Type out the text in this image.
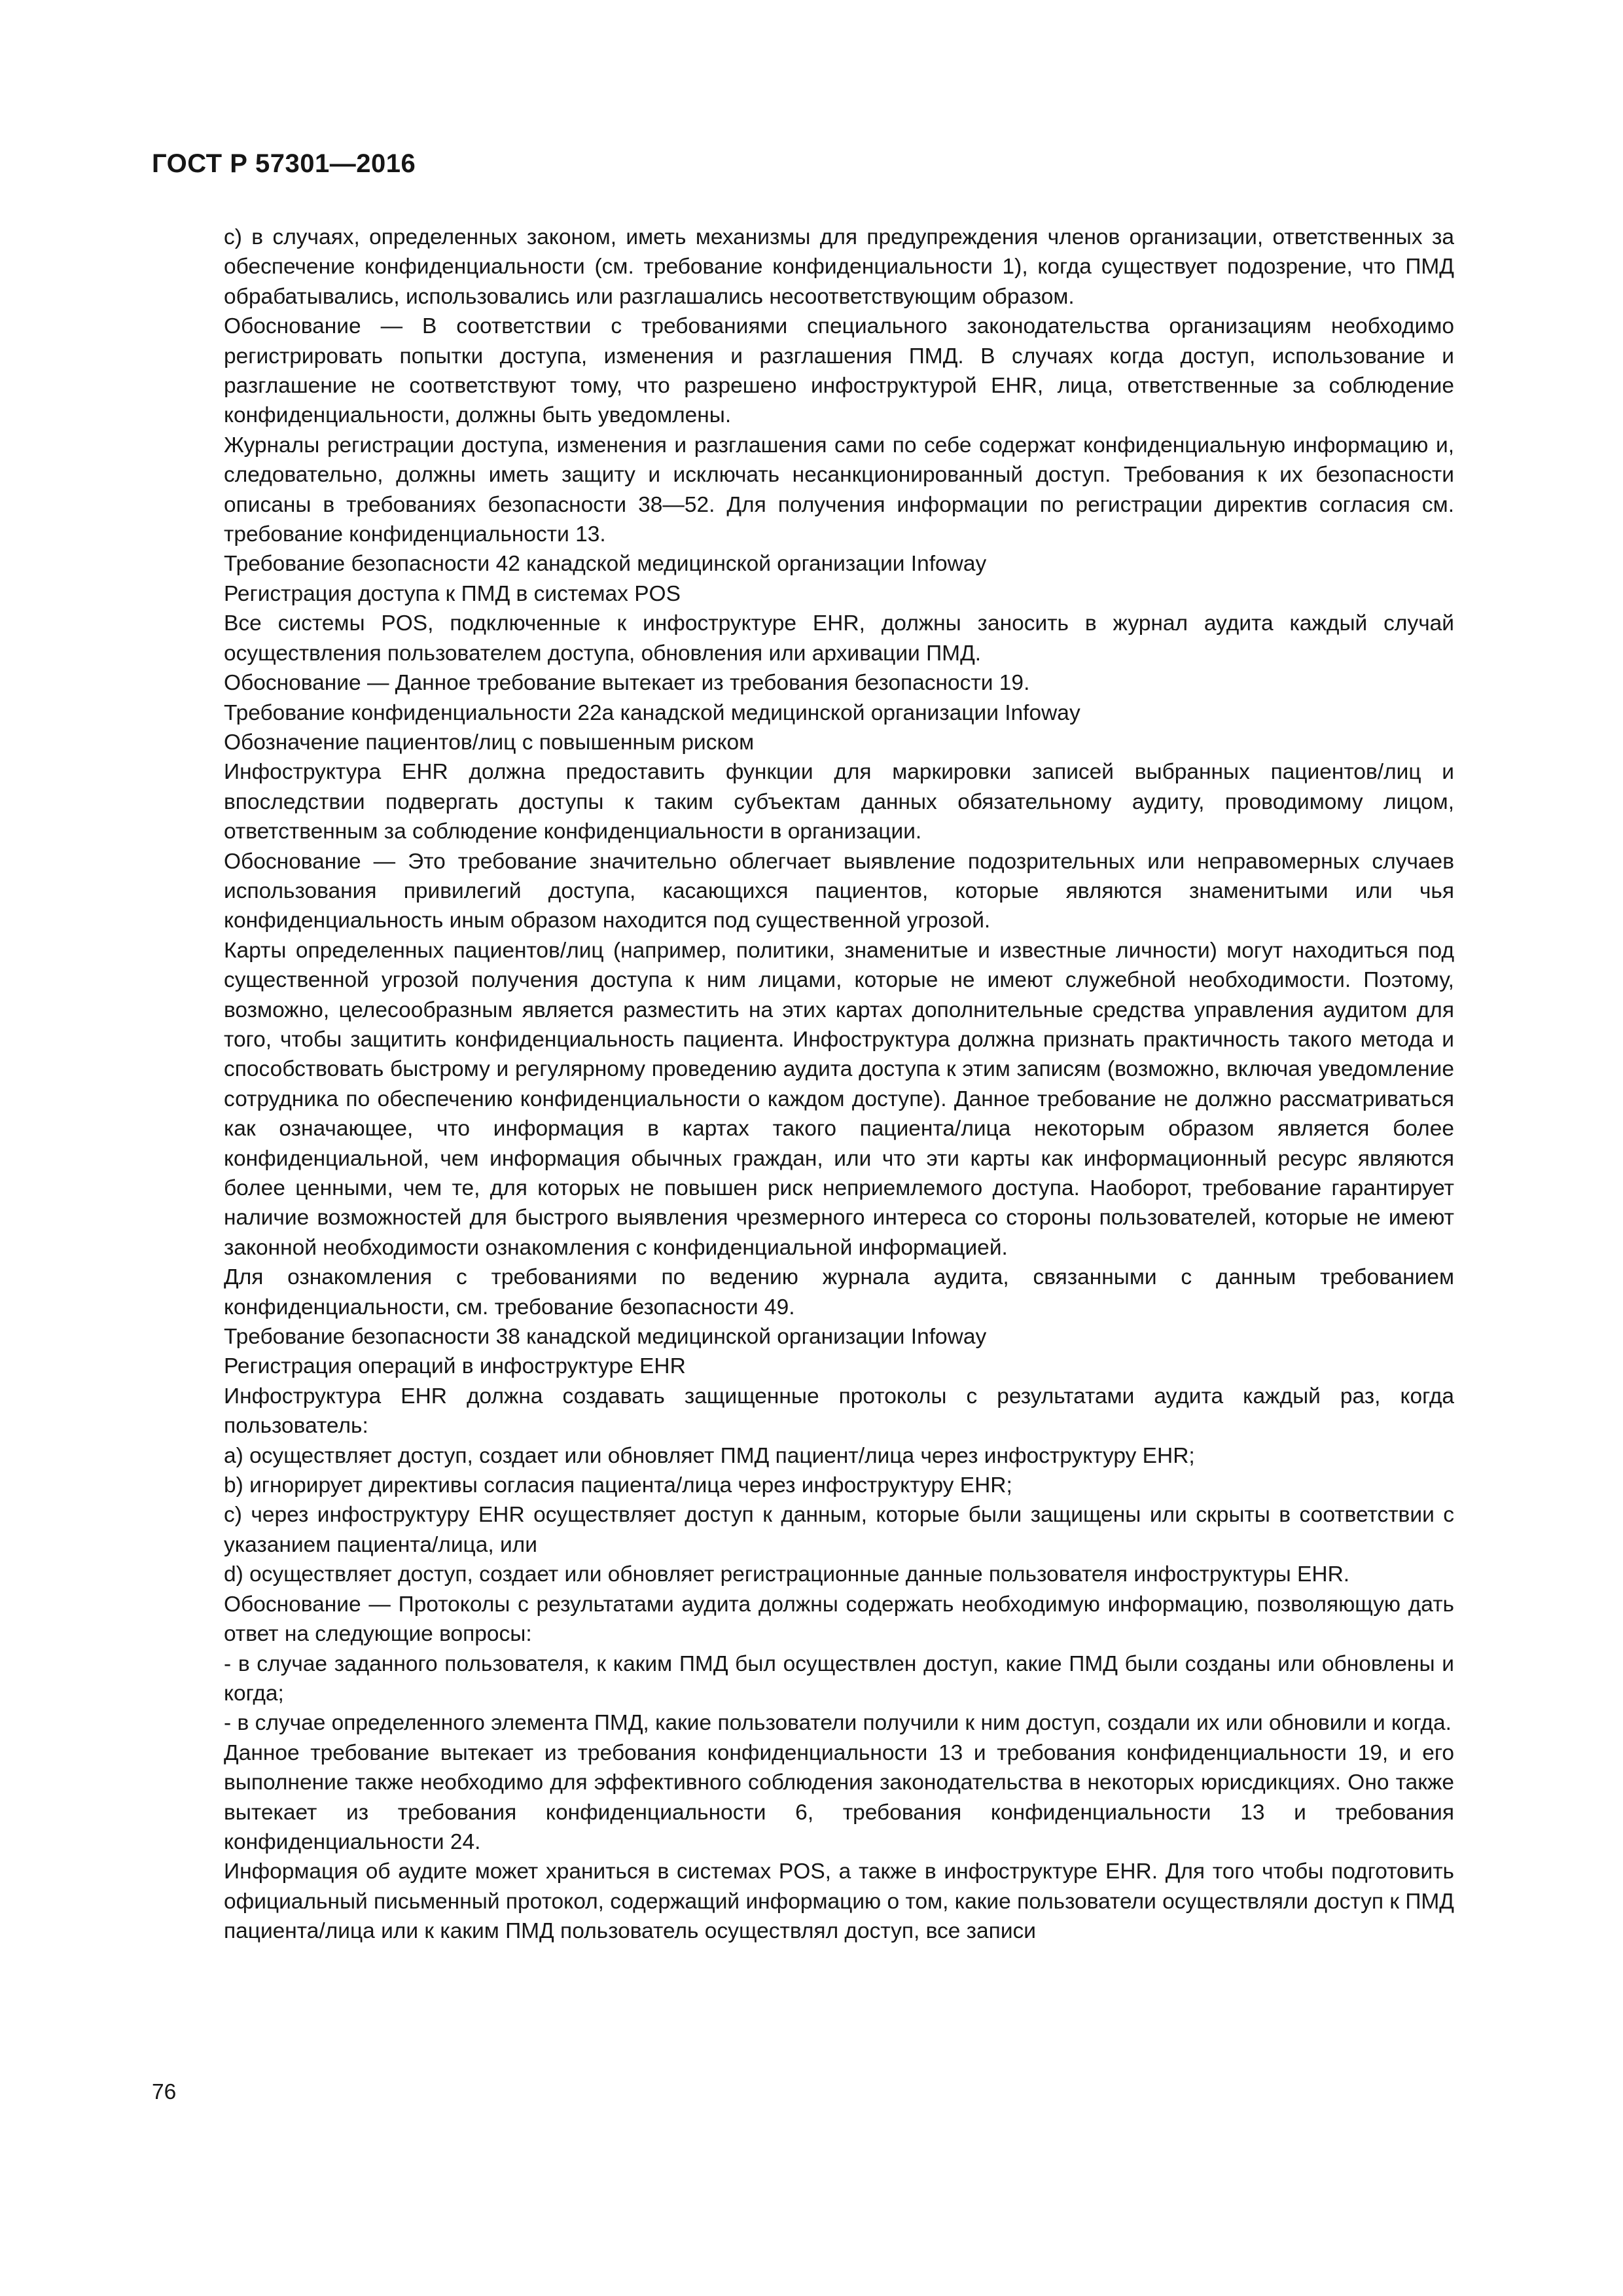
ГОСТ Р 57301—2016
c) в случаях, определенных законом, иметь механизмы для предупреждения членов организации, ответственных за обеспечение конфиденциальности (см. требование конфиденциальности 1), когда существует подозрение, что ПМД обрабатывались, использовались или разглашались несоответствующим образом.
Обоснование — В соответствии с требованиями специального законодательства организациям необходимо регистрировать попытки доступа, изменения и разглашения ПМД. В случаях когда доступ, использование и разглашение не соответствуют тому, что разрешено инфоструктурой EHR, лица, ответственные за соблюдение конфиденциальности, должны быть уведомлены.
Журналы регистрации доступа, изменения и разглашения сами по себе содержат конфиденциальную информацию и, следовательно, должны иметь защиту и исключать несанкционированный доступ. Требования к их безопасности описаны в требованиях безопасности 38—52. Для получения информации по регистрации директив согласия см. требование конфиденциальности 13.
Требование безопасности 42 канадской медицинской организации Infoway
Регистрация доступа к ПМД в системах POS
Все системы POS, подключенные к инфоструктуре EHR, должны заносить в журнал аудита каждый случай осуществления пользователем доступа, обновления или архивации ПМД.
Обоснование — Данное требование вытекает из требования безопасности 19.
Требование конфиденциальности 22а канадской медицинской организации Infoway
Обозначение пациентов/лиц с повышенным риском
Инфоструктура EHR должна предоставить функции для маркировки записей выбранных пациентов/лиц и впоследствии подвергать доступы к таким субъектам данных обязательному аудиту, проводимому лицом, ответственным за соблюдение конфиденциальности в организации.
Обоснование — Это требование значительно облегчает выявление подозрительных или неправомерных случаев использования привилегий доступа, касающихся пациентов, которые являются знаменитыми или чья конфиденциальность иным образом находится под существенной угрозой.
Карты определенных пациентов/лиц (например, политики, знаменитые и известные личности) могут находиться под существенной угрозой получения доступа к ним лицами, которые не имеют служебной необходимости. Поэтому, возможно, целесообразным является разместить на этих картах дополнительные средства управления аудитом для того, чтобы защитить конфиденциальность пациента. Инфоструктура должна признать практичность такого метода и способствовать быстрому и регулярному проведению аудита доступа к этим записям (возможно, включая уведомление сотрудника по обеспечению конфиденциальности о каждом доступе). Данное требование не должно рассматриваться как означающее, что информация в картах такого пациента/лица некоторым образом является более конфиденциальной, чем информация обычных граждан, или что эти карты как информационный ресурс являются более ценными, чем те, для которых не повышен риск неприемлемого доступа. Наоборот, требование гарантирует наличие возможностей для быстрого выявления чрезмерного интереса со стороны пользователей, которые не имеют законной необходимости ознакомления с конфиденциальной информацией.
Для ознакомления с требованиями по ведению журнала аудита, связанными с данным требованием конфиденциальности, см. требование безопасности 49.
Требование безопасности 38 канадской медицинской организации Infoway
Регистрация операций в инфоструктуре EHR
Инфоструктура EHR должна создавать защищенные протоколы с результатами аудита каждый раз, когда пользователь:
a) осуществляет доступ, создает или обновляет ПМД пациент/лица через инфоструктуру EHR;
b) игнорирует директивы согласия пациента/лица через инфоструктуру EHR;
c) через инфоструктуру EHR осуществляет доступ к данным, которые были защищены или скрыты в соответствии с указанием пациента/лица, или
d) осуществляет доступ, создает или обновляет регистрационные данные пользователя инфоструктуры EHR.
Обоснование — Протоколы с результатами аудита должны содержать необходимую информацию, позволяющую дать ответ на следующие вопросы:
- в случае заданного пользователя, к каким ПМД был осуществлен доступ, какие ПМД были созданы или обновлены и когда;
- в случае определенного элемента ПМД, какие пользователи получили к ним доступ, создали их или обновили и когда.
Данное требование вытекает из требования конфиденциальности 13 и требования конфиденциальности 19, и его выполнение также необходимо для эффективного соблюдения законодательства в некоторых юрисдикциях. Оно также вытекает из требования конфиденциальности 6, требования конфиденциальности 13 и требования конфиденциальности 24.
Информация об аудите может храниться в системах POS, а также в инфоструктуре EHR. Для того чтобы подготовить официальный письменный протокол, содержащий информацию о том, какие пользователи осуществляли доступ к ПМД пациента/лица или к каким ПМД пользователь осуществлял доступ, все записи
76
